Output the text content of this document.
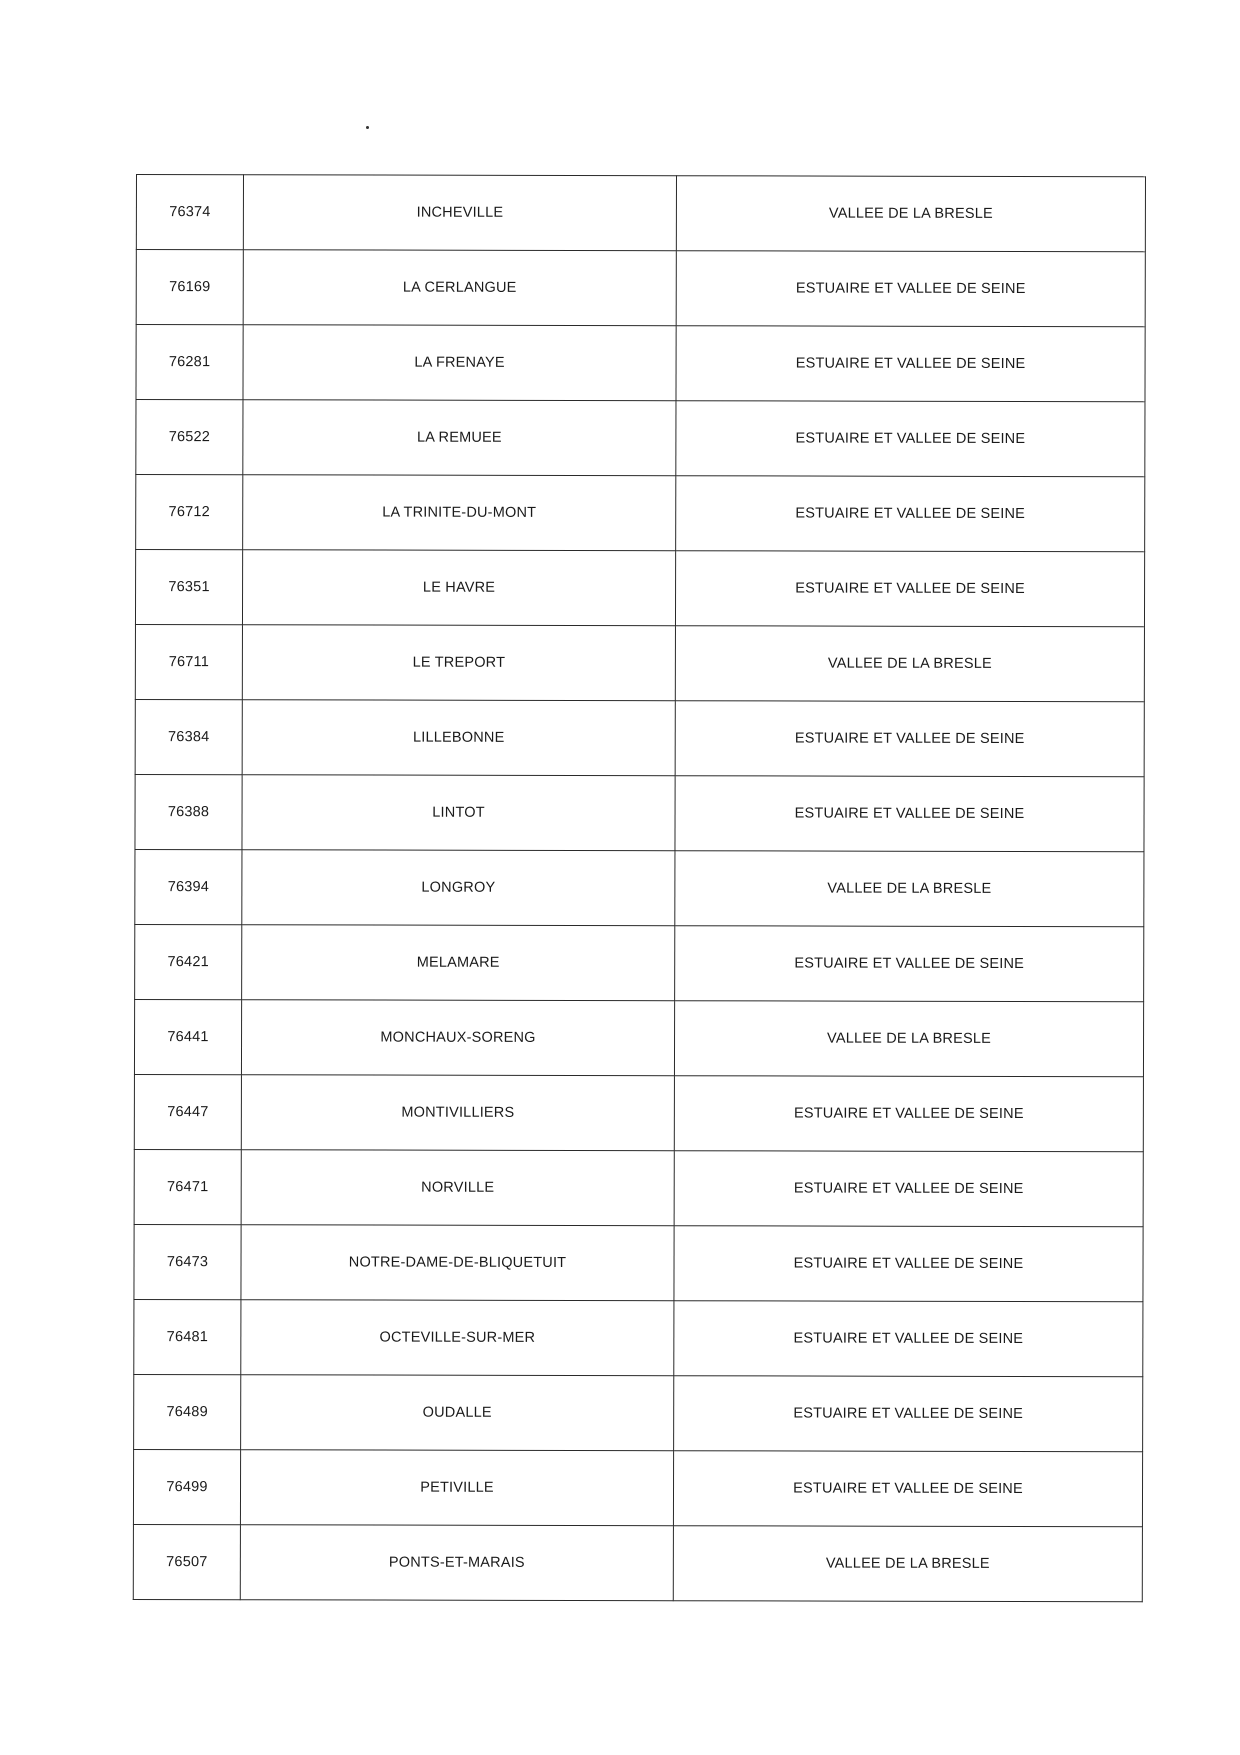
76374	INCHEVILLE	VALLEE DE LA BRESLE
76169	LA CERLANGUE	ESTUAIRE ET VALLEE DE SEINE
76281	LA FRENAYE	ESTUAIRE ET VALLEE DE SEINE
76522	LA REMUEE	ESTUAIRE ET VALLEE DE SEINE
76712	LA TRINITE-DU-MONT	ESTUAIRE ET VALLEE DE SEINE
76351	LE HAVRE	ESTUAIRE ET VALLEE DE SEINE
76711	LE TREPORT	VALLEE DE LA BRESLE
76384	LILLEBONNE	ESTUAIRE ET VALLEE DE SEINE
76388	LINTOT	ESTUAIRE ET VALLEE DE SEINE
76394	LONGROY	VALLEE DE LA BRESLE
76421	MELAMARE	ESTUAIRE ET VALLEE DE SEINE
76441	MONCHAUX-SORENG	VALLEE DE LA BRESLE
76447	MONTIVILLIERS	ESTUAIRE ET VALLEE DE SEINE
76471	NORVILLE	ESTUAIRE ET VALLEE DE SEINE
76473	NOTRE-DAME-DE-BLIQUETUIT	ESTUAIRE ET VALLEE DE SEINE
76481	OCTEVILLE-SUR-MER	ESTUAIRE ET VALLEE DE SEINE
76489	OUDALLE	ESTUAIRE ET VALLEE DE SEINE
76499	PETIVILLE	ESTUAIRE ET VALLEE DE SEINE
76507	PONTS-ET-MARAIS	VALLEE DE LA BRESLE
